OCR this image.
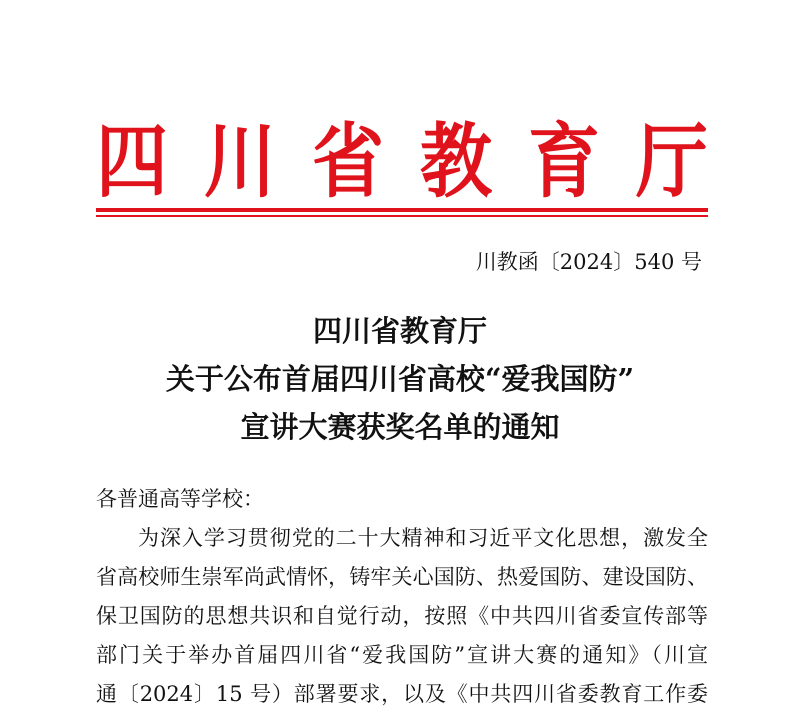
四 川 省 教 育 厅
川教函〔2024〕540 号
四川省教育厅
关于公布首届四川省高校“爱我国防”
宣讲大赛获奖名单的通知
各普通高等学校：
为深入学习贯彻党的二十大精神和习近平文化思想，激发全
省高校师生崇军尚武情怀，铸牢关心国防、热爱国防、建设国防、
保卫国防的思想共识和自觉行动，按照《中共四川省委宣传部等
部门关于举办首届四川省“爱我国防”宣讲大赛的通知》（川宣
通〔2024〕15 号）部署要求，以及《中共四川省委教育工作委
